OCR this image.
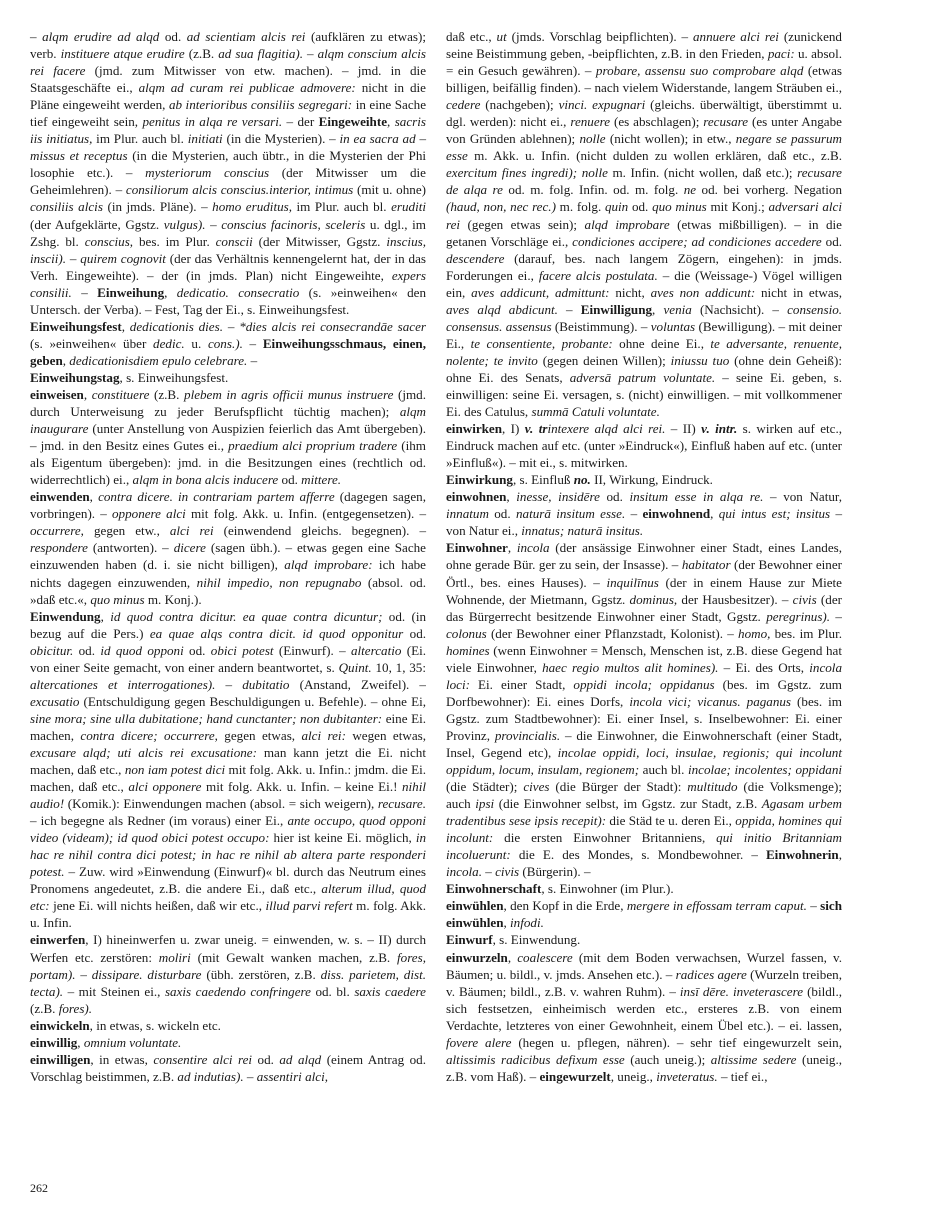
– alqm erudire ad alqd od. ad scientiam alcis rei (aufklären zu etwas); verb. instituere atque erudire (z.B. ad sua flagitia). – alqm conscium alcis rei facere (jmd. zum Mitwisser von etw. machen). – jmd. in die Staatsgeschäfte ei., alqm ad curam rei publicae admovere: nicht in die Pläne eingeweiht werden, ab interioribus consiliis segregari: in eine Sache tief eingeweiht sein, penitus in alqa re versari. – der Eingeweihte, sacris iis initiatus, im Plur. auch bl. initiati (in die Mysterien). – in ea sacra ad – missus et receptus (in die Mysterien, auch übtr., in die Mysterien der Phi losophie etc.). – mysteriorum conscius (der Mitwisser um die Geheimlehren). – consiliorum alcis conscius.interior, intimus (mit u. ohne) consiliis alcis (in jmds. Pläne). – homo eruditus, im Plur. auch bl. eruditi (der Aufgeklärte, Ggstz. vulgus). – conscius facinoris, sceleris u. dgl., im Zshg. bl. conscius, bes. im Plur. conscii (der Mitwisser, Ggstz. inscius, inscii). – quirem cognovit (der das Verhältnis kennengelernt hat, der in das Verh. Eingeweihte). – der (in jmds. Plan) nicht Eingeweihte, expers consilii. – Einweihung, dedicatio. consecratio (s. »einweihen« den Untersch. der Verba). – Fest, Tag der Ei., s. Einweihungsfest.

Einweihungsfest, dedicationis dies. – *dies alcis rei consecrandāe sacer (s. »einweihen« über dedic. u. cons.). – Einweihungsschmaus, einen, geben, dedicationisdiem epulo celebrare. –

Einweihungstag, s. Einweihungsfest.

einweisen, constituere (z.B. plebem in agris officii munus instruere (jmd. durch Unterweisung zu jeder Berufspflicht tüchtig machen); alqm inaugurare (unter Anstellung von Auspizien feierlich das Amt übergeben). – jmd. in den Besitz eines Gutes ei., praedium alci proprium tradere (ihm als Eigentum übergeben): jmd. in die Besitzungen eines (rechtlich od. widerrechtlich) ei., alqm in bona alcis inducere od. mittere.

einwenden, contra dicere. in contrariam partem afferre (dagegen sagen, vorbringen). – opponere alci mit folg. Akk. u. Infin. (entgegensetzen). – occurrere, gegen etw., alci rei (einwendend gleichs. begegnen). – respondere (antworten). – dicere (sagen übh.). – etwas gegen eine Sache einzuwenden haben (d. i. sie nicht billigen), alqd improbare: ich habe nichts dagegen einzuwenden, nihil impedio, non repugnabo (absol. od. »daß etc.«, quo minus m. Konj.).

Einwendung, id quod contra dicitur. ea quae contra dicuntur; od. (in bezug auf die Pers.) ea quae alqs contra dicit. id quod opponitur od. obicitur. od. id quod opponi od. obici potest (Einwurf). – altercatio (Ei. von einer Seite gemacht, von einer andern beantwortet, s. Quint. 10, 1, 35: altercationes et interrogationes). – dubitatio (Anstand, Zweifel). – excusatio (Entschuldigung gegen Beschuldigungen u. Befehle). – ohne Ei, sine mora; sine ulla dubitatione; hand cunctanter; non dubitanter: eine Ei. machen, contra dicere; occurrere, gegen etwas, alci rei: wegen etwas, excusare alqd; uti alcis rei excusatione: man kann jetzt die Ei. nicht machen, daß etc., non iam potest dici mit folg. Akk. u. Infin.: jmdm. die Ei. machen, daß etc., alci opponere mit folg. Akk. u. Infin. – keine Ei.! nihil audio! (Komik.): Einwendungen machen (absol. = sich weigern), recusare. – ich begegne als Redner (im voraus) einer Ei., ante occupo, quod opponi video (videam); id quod obici potest occupo: hier ist keine Ei. möglich, in hac re nihil contra dici potest; in hac re nihil ab altera parte responderi potest. – Zuw. wird »Einwendung (Einwurf)« bl. durch das Neutrum eines Pronomens angedeutet, z.B. die andere Ei., daß etc., alterum illud, quod etc: jene Ei. will nichts heißen, daß wir etc., illud parvi refert m. folg. Akk. u. Infin.

einwerfen, I) hineinwerfen u. zwar uneig. = einwenden, w. s. – II) durch Werfen etc. zerstören: moliri (mit Gewalt wanken machen, z.B. fores, portam). – dissipare. disturbare (übh. zerstören, z.B. diss. parietem, dist. tecta). – mit Steinen ei., saxis caedendo confringere od. bl. saxis caedere (z.B. fores).

einwickeln, in etwas, s. wickeln etc.

einwillig, omnium voluntate.

einwilligen, in etwas, consentire alci rei od. ad alqd (einem Antrag od. Vorschlag beistimmen, z.B. ad indutias). – assentiri alci,

daß etc., ut (jmds. Vorschlag beipflichten). – annuere alci rei (zunickend seine Beistimmung geben, -beipflichten, z.B. in den Frieden, paci: u. absol. = ein Gesuch gewähren). – probare, assensu suo comprobare alqd (etwas billigen, beifällig finden). – nach vielem Widerstande, langem Sträuben ei., cedere (nachgeben); vinci. expugnari (gleichs. überwältigt, überstimmt u. dgl. werden): nicht ei., renuere (es abschlagen); recusare (es unter Angabe von Gründen ablehnen); nolle (nicht wollen); in etw., negare se passurum esse m. Akk. u. Infin. (nicht dulden zu wollen erklären, daß etc., z.B. exercitum fines ingredi); nolle m. Infin. (nicht wollen, daß etc.); recusare de alqa re od. m. folg. Infin. od. m. folg. ne od. bei vorherg. Negation (haud, non, nec rec.) m. folg. quin od. quo minus mit Konj.; adversari alci rei (gegen etwas sein); alqd improbare (etwas mißbilligen). – in die getanen Vorschläge ei., condiciones accipere; ad condiciones accedere od. descendere (darauf, bes. nach langem Zögern, eingehen): in jmds. Forderungen ei., facere alcis postulata. – die (Weissage-) Vögel willigen ein, aves addicunt, admittunt: nicht, aves non addicunt: nicht in etwas, aves alqd abdicunt. – Einwilligung, venia (Nachsicht). – consensio. consensus. assensus (Beistimmung). – voluntas (Bewilligung). – mit deiner Ei., te consentiente, probante: ohne deine Ei., te adversante, renuente, nolente; te invito (gegen deinen Willen); iniussu tuo (ohne dein Geheiß): ohne Ei. des Senats, adversā patrum voluntate. – seine Ei. geben, s. einwilligen: seine Ei. versagen, s. (nicht) einwilligen. – mit vollkommener Ei. des Catulus, summā Catuli voluntate.

einwirken, I) v. trintexere alqd alci rei. – II) v. intr. s. wirken auf etc., Eindruck machen auf etc. (unter »Eindruck«), Einfluß haben auf etc. (unter »Einfluß«). – mit ei., s. mitwirken.

Einwirkung, s. Einfluß no. II, Wirkung, Eindruck.

einwohnen, inesse, insidēre od. insitum esse in alqa re. – von Natur, innatum od. naturā insitum esse. – einwohnend, qui intus est; insitus – von Natur ei., innatus; naturā insitus.

Einwohner, incola (der ansässige Einwohner einer Stadt, eines Landes, ohne gerade Bür. ger zu sein, der Insasse). – habitator (der Bewohner einer Örtl., bes. eines Hauses). – inquilīnus (der in einem Hause zur Miete Wohnende, der Mietmann, Ggstz. dominus, der Hausbesitzer). – civis (der das Bürgerrecht besitzende Einwohner einer Stadt, Ggstz. peregrinus). – colonus (der Bewohner einer Pflanzstadt, Kolonist). – homo, bes. im Plur. homines (wenn Einwohner = Mensch, Menschen ist, z.B. diese Gegend hat viele Einwohner, haec regio multos alit homines). – Ei. des Orts, incola loci: Ei. einer Stadt, oppidi incola; oppidanus (bes. im Ggstz. zum Dorfbewohner): Ei. eines Dorfs, incola vici; vicanus. paganus (bes. im Ggstz. zum Stadtbewohner): Ei. einer Insel, s. Inselbewohner: Ei. einer Provinz, provincialis. – die Einwohner, die Einwohnerschaft (einer Stadt, Insel, Gegend etc), incolae oppidi, loci, insulae, regionis; qui incolunt oppidum, locum, insulam, regionem; auch bl. incolae; incolentes; oppidani (die Städter); cives (die Bürger der Stadt): multitudo (die Volksmenge); auch ipsi (die Einwohner selbst, im Ggstz. zur Stadt, z.B. Agasam urbem tradentibus sese ipsis recepit): die Städ te u. deren Ei., oppida, homines qui incolunt: die ersten Einwohner Britanniens, qui initio Britanniam incoluerunt: die E. des Mondes, s. Mondbewohner. – Einwohnerin, incola. – civis (Bürgerin). –

Einwohnerschaft, s. Einwohner (im Plur.).

einwühlen, den Kopf in die Erde, mergere in effossam terram caput. – sich einwühlen, infodi.

Einwurf, s. Einwendung.

einwurzeln, coalescere (mit dem Boden verwachsen, Wurzel fassen, v. Bäumen; u. bildl., v. jmds. Ansehen etc.). – radices agere (Wurzeln treiben, v. Bäumen; bildl., z.B. v. wahren Ruhm). – insī dēre. inveterascere (bildl., sich festsetzen, einheimisch werden etc., ersteres z.B. von einem Verdachte, letzteres von einer Gewohnheit, einem Übel etc.). – ei. lassen, fovere alere (hegen u. pflegen, nähren). – sehr tief eingewurzelt sein, altissimis radicibus defixum esse (auch uneig.); altissime sedere (uneig., z.B. vom Haß). – eingewurzelt, uneig., inveteratus. – tief ei.,

262
